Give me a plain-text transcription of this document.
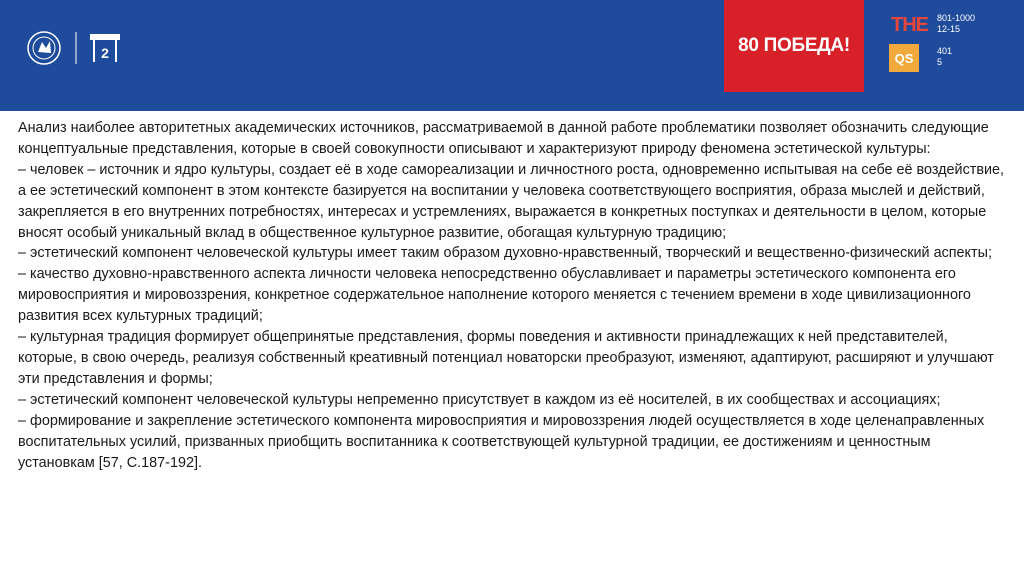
2	80 ПОБЕДА!
THE 801-1000
12-15
QS	401
5

Анализ наиболее авторитетных академических источников, рассматриваемой в данной работе проблематики позволяет обозначить следующие концептуальные представления, которые в своей совокупности описывают и характеризуют природу феномена эстетической культуры:

– человек – источник и ядро культуры, создает её в ходе самореализации и личностного роста, одновременно испытывая на себе её воздействие, а ее эстетический компонент в этом контексте базируется на воспитании у человека соответствующего восприятия, образа мыслей и действий, закрепляется в его внутренних потребностях, интересах и устремлениях, выражается в конкретных поступках и деятельности в целом, которые вносят особый уникальный вклад в общественное культурное развитие, обогащая культурную традицию;

– эстетический компонент человеческой культуры имеет таким образом духовно-нравственный, творческий и вещественно-физический аспекты;

– качество духовно-нравственного аспекта личности человека непосредственно обуславливает и параметры эстетического компонента его мировосприятия и мировоззрения, конкретное содержательное наполнение которого меняется с течением времени в ходе цивилизационного развития всех культурных традиций;

– культурная традиция формирует общепринятые представления, формы поведения и активности принадлежащих к ней представителей, которые, в свою очередь, реализуя собственный креативный потенциал новаторски преобразуют, изменяют, адаптируют, расширяют и улучшают эти представления и формы;

– эстетический компонент человеческой культуры непременно присутствует в каждом из её носителей, в их сообществах и ассоциациях;

– формирование и закрепление эстетического компонента мировосприятия и мировоззрения людей осуществляется в ходе целенаправленных воспитательных усилий, призванных приобщить воспитанника к соответствующей культурной традиции, ее достижениям и ценностным установкам [57, С.187-192].
